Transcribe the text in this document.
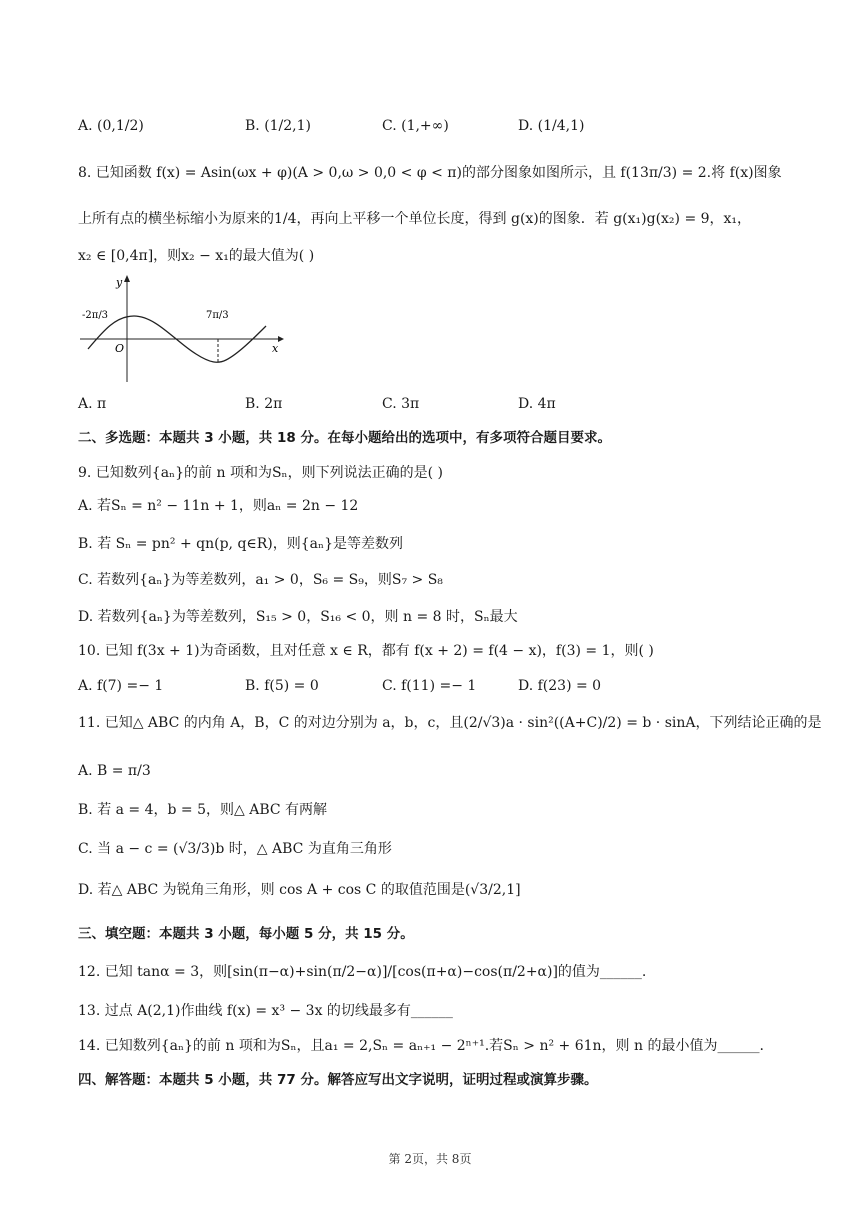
A. (0,1/2)	B. (1/2,1)	C. (1,+∞)	D. (1/4,1)
8. 已知函数 f(x) = Asin(ωx + φ)(A > 0,ω > 0,0 < φ < π)的部分图象如图所示，且 f(13π/3) = 2.将 f(x)图象
上所有点的横坐标缩小为原来的1/4，再向上平移一个单位长度，得到 g(x)的图象．若 g(x₁)g(x₂) = 9，x₁，
x₂ ∈ [0,4π]，则x₂ − x₁的最大值为( )
y
x
O
-2π/3	7π/3
A. π	B. 2π	C. 3π	D. 4π
二、多选题：本题共 3 小题，共 18 分。在每小题给出的选项中，有多项符合题目要求。
9. 已知数列{aₙ}的前 n 项和为Sₙ，则下列说法正确的是( )
A. 若Sₙ = n² − 11n + 1，则aₙ = 2n − 12
B. 若 Sₙ = pn² + qn(p, q∈R)，则{aₙ}是等差数列
C. 若数列{aₙ}为等差数列，a₁ > 0，S₆ = S₉，则S₇ > S₈
D. 若数列{aₙ}为等差数列，S₁₅ > 0，S₁₆ < 0，则 n = 8 时，Sₙ最大
10. 已知 f(3x + 1)为奇函数，且对任意 x ∈ R，都有 f(x + 2) = f(4 − x)，f(3) = 1，则( )
A. f(7) =− 1	B. f(5) = 0	C. f(11) =− 1	D. f(23) = 0
11. 已知△ ABC 的内角 A，B，C 的对边分别为 a，b，c，且(2/√3)a · sin²((A+C)/2) = b · sinA，下列结论正确的是
A. B = π/3
B. 若 a = 4，b = 5，则△ ABC 有两解
C. 当 a − c = (√3/3)b 时，△ ABC 为直角三角形
D. 若△ ABC 为锐角三角形，则 cos A + cos C 的取值范围是(√3/2,1]
三、填空题：本题共 3 小题，每小题 5 分，共 15 分。
12. 已知 tanα = 3，则[sin(π−α)+sin(π/2−α)]/[cos(π+α)−cos(π/2+α)]的值为______.
13. 过点 A(2,1)作曲线 f(x) = x³ − 3x 的切线最多有______
14. 已知数列{aₙ}的前 n 项和为Sₙ，且a₁ = 2,Sₙ = aₙ₊₁ − 2ⁿ⁺¹.若Sₙ > n² + 61n，则 n 的最小值为______.
四、解答题：本题共 5 小题，共 77 分。解答应写出文字说明，证明过程或演算步骤。
第 2页，共 8页
